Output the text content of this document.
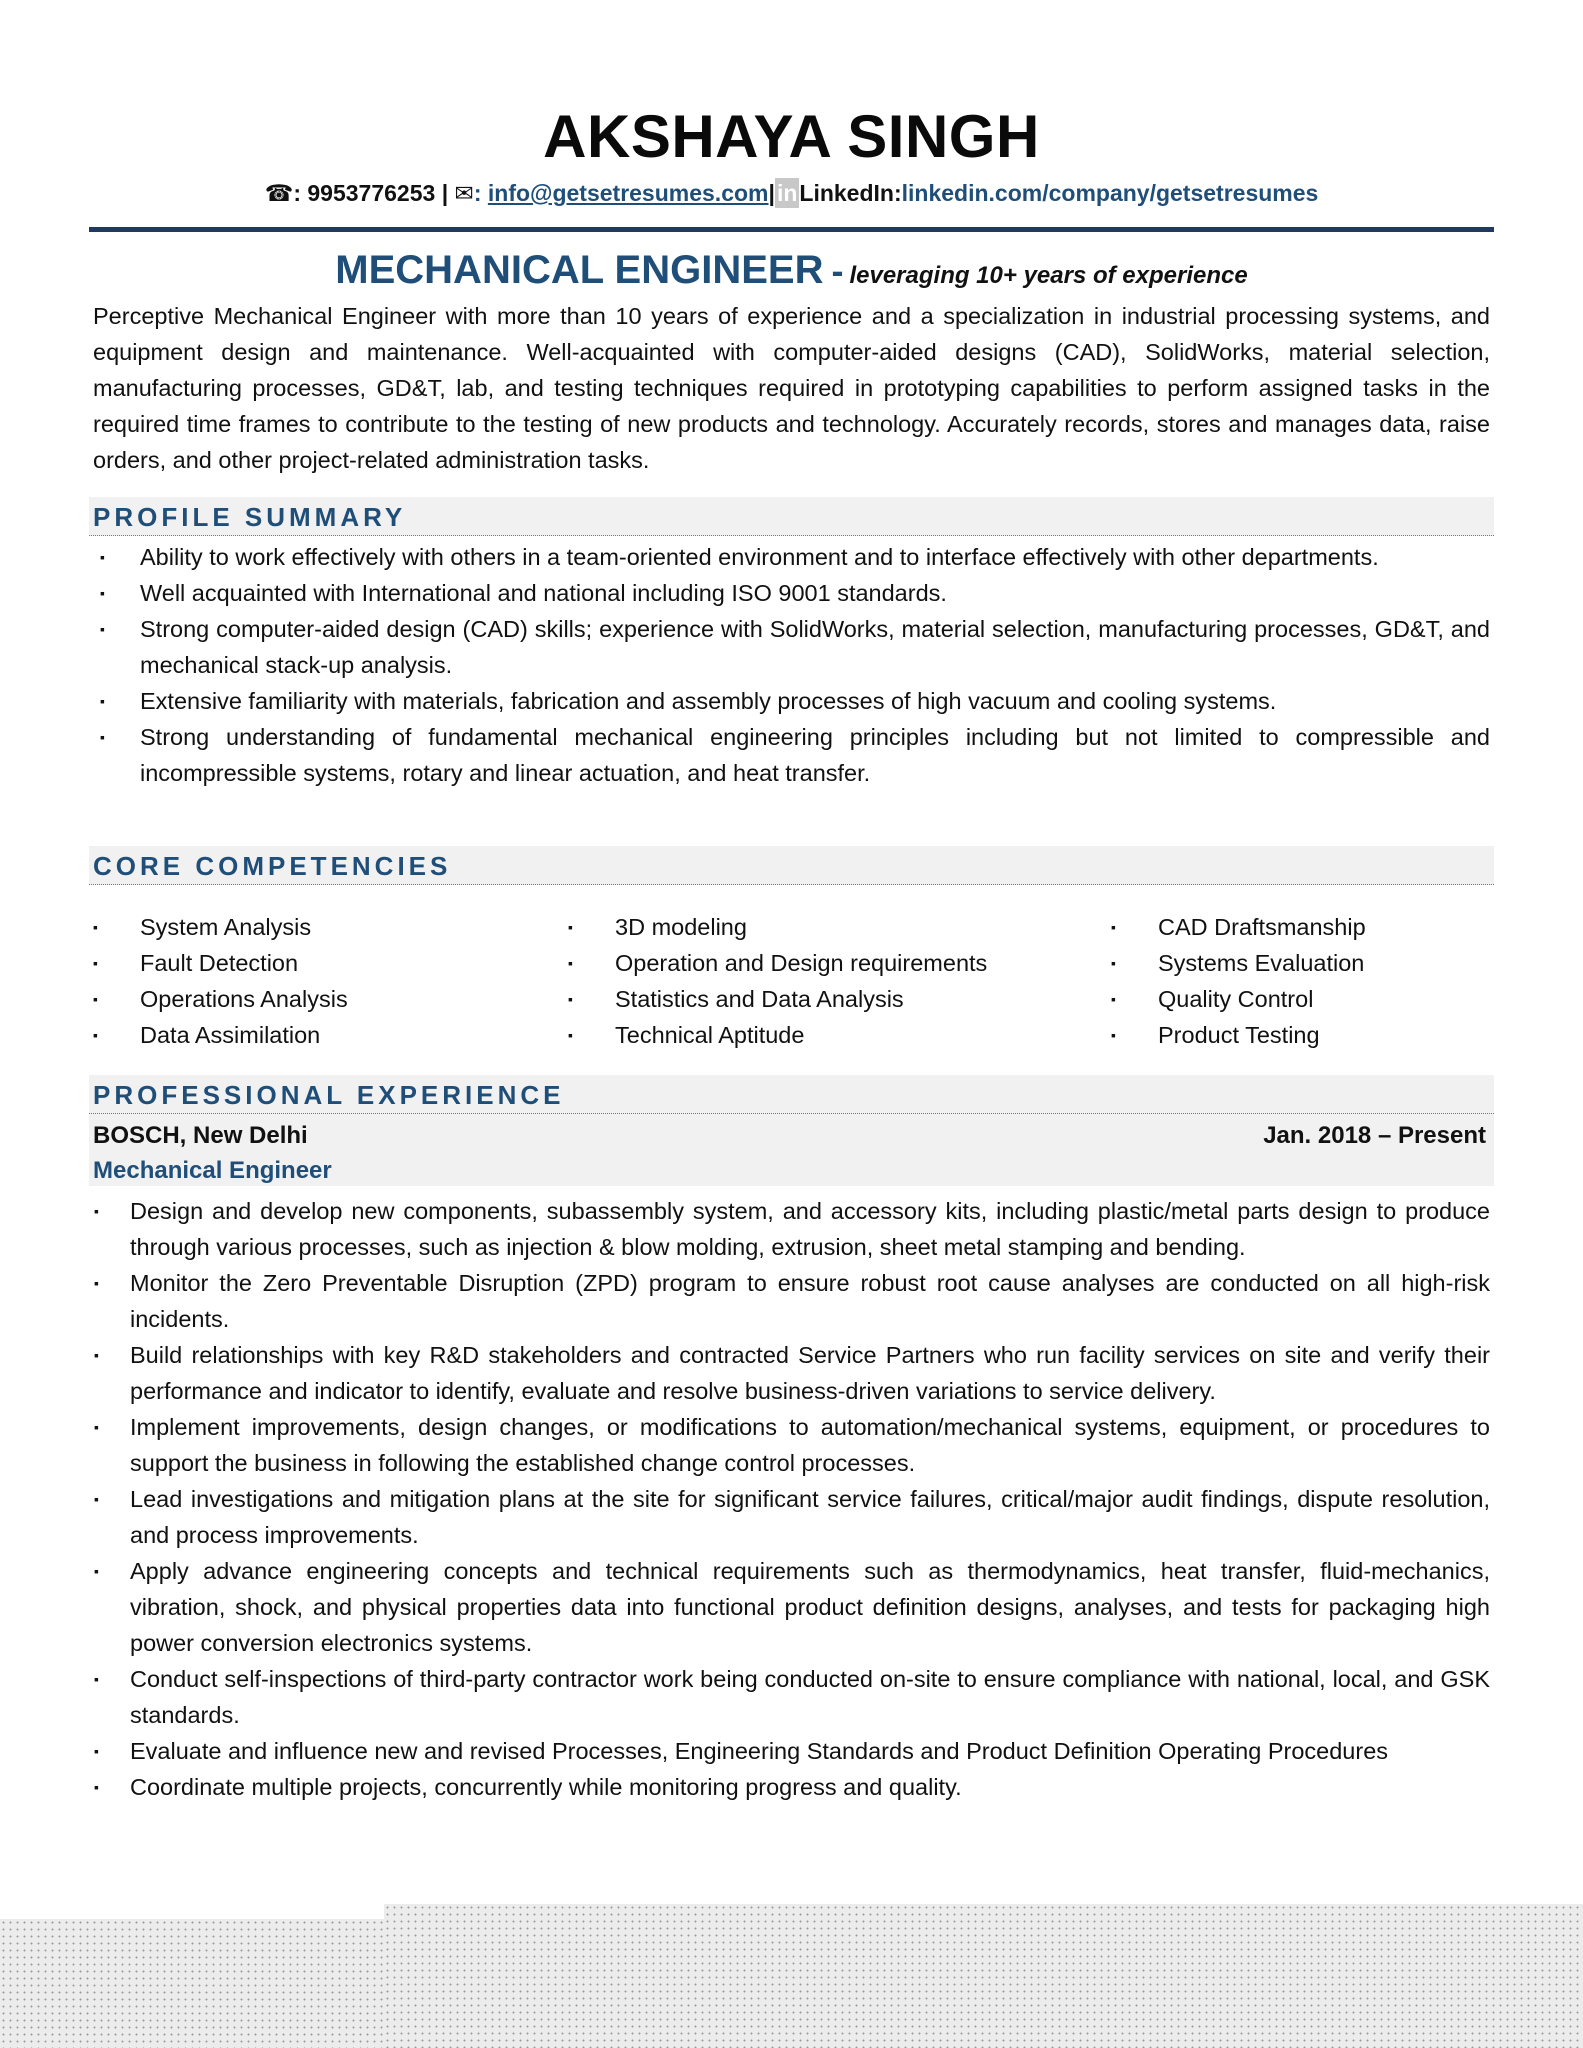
AKSHAYA SINGH
☎: 9953776253 | ✉: info@getsetresumes.com|inLinkedIn:linkedin.com/company/getsetresumes
MECHANICAL ENGINEER - leveraging 10+ years of experience
Perceptive Mechanical Engineer with more than 10 years of experience and a specialization in industrial processing systems, and equipment design and maintenance. Well-acquainted with computer-aided designs (CAD), SolidWorks, material selection, manufacturing processes, GD&T, lab, and testing techniques required in prototyping capabilities to perform assigned tasks in the required time frames to contribute to the testing of new products and technology. Accurately records, stores and manages data, raise orders, and other project-related administration tasks.
PROFILE SUMMARY
▪ Ability to work effectively with others in a team-oriented environment and to interface effectively with other departments.
▪ Well acquainted with International and national including ISO 9001 standards.
▪ Strong computer-aided design (CAD) skills; experience with SolidWorks, material selection, manufacturing processes, GD&T, and mechanical stack-up analysis.
▪ Extensive familiarity with materials, fabrication and assembly processes of high vacuum and cooling systems.
▪ Strong understanding of fundamental mechanical engineering principles including but not limited to compressible and incompressible systems, rotary and linear actuation, and heat transfer.
CORE COMPETENCIES
▪ System Analysis
▪ Fault Detection
▪ Operations Analysis
▪ Data Assimilation
▪ 3D modeling
▪ Operation and Design requirements
▪ Statistics and Data Analysis
▪ Technical Aptitude
▪ CAD Draftsmanship
▪ Systems Evaluation
▪ Quality Control
▪ Product Testing
PROFESSIONAL EXPERIENCE
BOSCH, New Delhi	Jan. 2018 – Present
Mechanical Engineer
▪ Design and develop new components, subassembly system, and accessory kits, including plastic/metal parts design to produce through various processes, such as injection & blow molding, extrusion, sheet metal stamping and bending.
▪ Monitor the Zero Preventable Disruption (ZPD) program to ensure robust root cause analyses are conducted on all high-risk incidents.
▪ Build relationships with key R&D stakeholders and contracted Service Partners who run facility services on site and verify their performance and indicator to identify, evaluate and resolve business-driven variations to service delivery.
▪ Implement improvements, design changes, or modifications to automation/mechanical systems, equipment, or procedures to support the business in following the established change control processes.
▪ Lead investigations and mitigation plans at the site for significant service failures, critical/major audit findings, dispute resolution, and process improvements.
▪ Apply advance engineering concepts and technical requirements such as thermodynamics, heat transfer, fluid-mechanics, vibration, shock, and physical properties data into functional product definition designs, analyses, and tests for packaging high power conversion electronics systems.
▪ Conduct self-inspections of third-party contractor work being conducted on-site to ensure compliance with national, local, and GSK standards.
▪ Evaluate and influence new and revised Processes, Engineering Standards and Product Definition Operating Procedures
▪ Coordinate multiple projects, concurrently while monitoring progress and quality.
